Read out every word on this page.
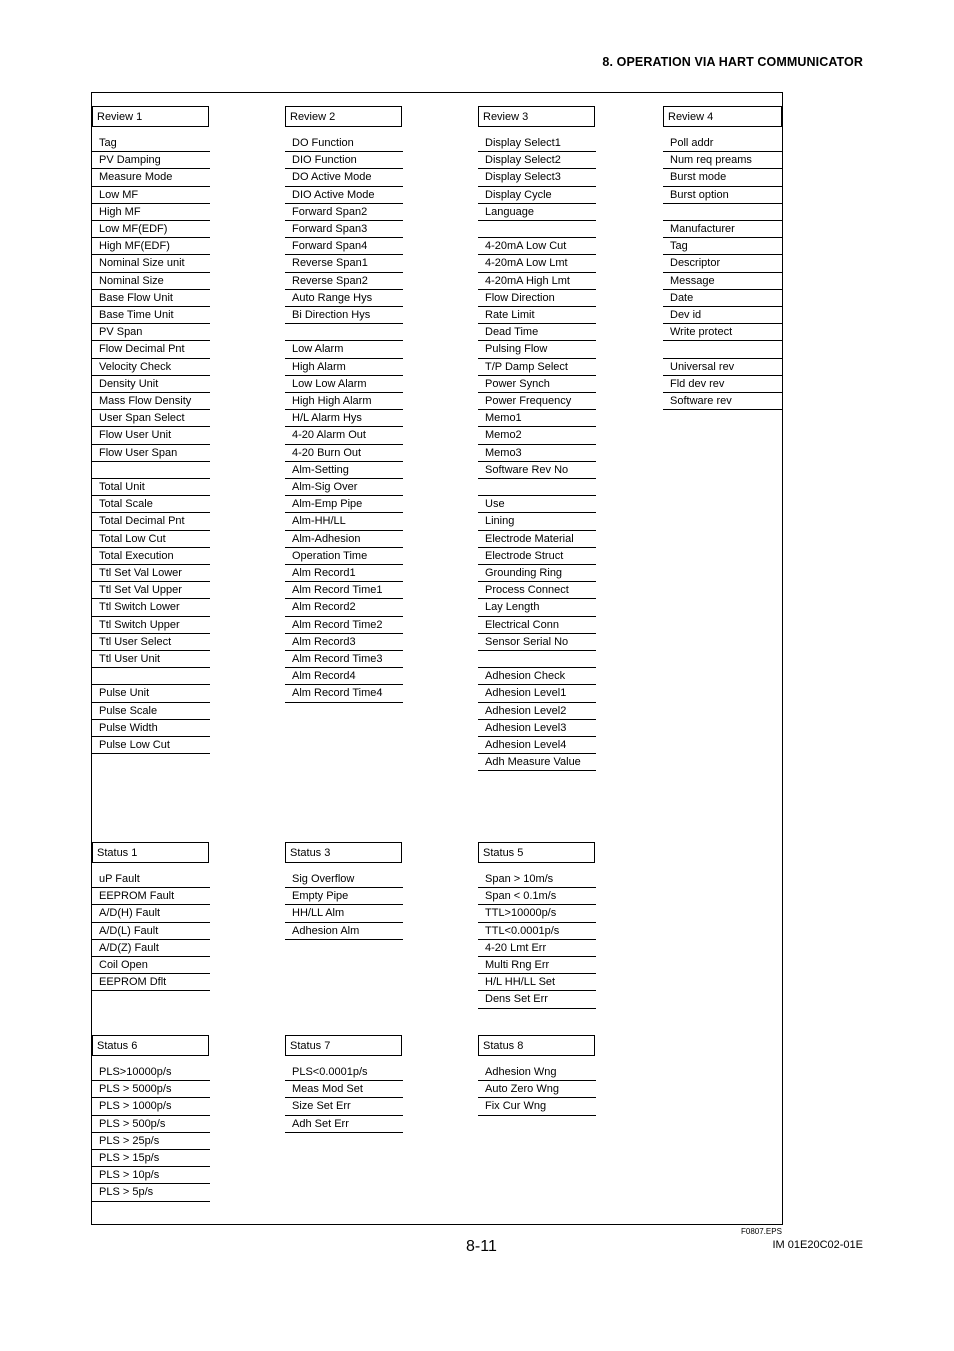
8. OPERATION VIA HART COMMUNICATOR
Review 1
Tag
PV Damping
Measure Mode
Low MF
High MF
Low MF(EDF)
High MF(EDF)
Nominal Size unit
Nominal Size
Base Flow Unit
Base Time Unit
PV Span
Flow Decimal Pnt
Velocity Check
Density Unit
Mass Flow Density
User Span Select
Flow User Unit
Flow User Span
Total Unit
Total Scale
Total Decimal Pnt
Total Low Cut
Total Execution
Ttl Set Val Lower
Ttl Set Val Upper
Ttl Switch Lower
Ttl Switch Upper
Ttl User Select
Ttl User Unit
Pulse Unit
Pulse Scale
Pulse Width
Pulse Low Cut
Review 2
DO Function
DIO Function
DO Active Mode
DIO Active Mode
Forward Span2
Forward Span3
Forward Span4
Reverse Span1
Reverse Span2
Auto Range Hys
Bi Direction Hys
Low Alarm
High Alarm
Low Low Alarm
High High Alarm
H/L Alarm Hys
4-20 Alarm Out
4-20 Burn Out
Alm-Setting
Alm-Sig Over
Alm-Emp Pipe
Alm-HH/LL
Alm-Adhesion
Operation Time
Alm Record1
Alm Record Time1
Alm Record2
Alm Record Time2
Alm Record3
Alm Record Time3
Alm Record4
Alm Record Time4
Review 3
Display Select1
Display Select2
Display Select3
Display Cycle
Language
4-20mA Low Cut
4-20mA Low Lmt
4-20mA High Lmt
Flow Direction
Rate Limit
Dead Time
Pulsing Flow
T/P Damp Select
Power Synch
Power Frequency
Memo1
Memo2
Memo3
Software Rev No
Use
Lining
Electrode Material
Electrode Struct
Grounding Ring
Process Connect
Lay Length
Electrical Conn
Sensor Serial No
Adhesion Check
Adhesion Level1
Adhesion Level2
Adhesion Level3
Adhesion Level4
Adh Measure Value
Review 4
Poll addr
Num req preams
Burst mode
Burst option
Manufacturer
Tag
Descriptor
Message
Date
Dev id
Write protect
Universal rev
Fld dev rev
Software rev
Status 1
uP Fault
EEPROM Fault
A/D(H) Fault
A/D(L) Fault
A/D(Z) Fault
Coil Open
EEPROM Dflt
Status 3
Sig Overflow
Empty Pipe
HH/LL Alm
Adhesion Alm
Status 5
Span > 10m/s
Span < 0.1m/s
TTL>10000p/s
TTL<0.0001p/s
4-20 Lmt Err
Multi Rng Err
H/L HH/LL Set
Dens Set Err
Status 6
PLS>10000p/s
PLS > 5000p/s
PLS > 1000p/s
PLS > 500p/s
PLS > 25p/s
PLS > 15p/s
PLS > 10p/s
PLS > 5p/s
Status 7
PLS<0.0001p/s
Meas Mod Set
Size Set Err
Adh Set Err
Status 8
Adhesion Wng
Auto Zero Wng
Fix Cur Wng
F0807.EPS
8-11	IM 01E20C02-01E
